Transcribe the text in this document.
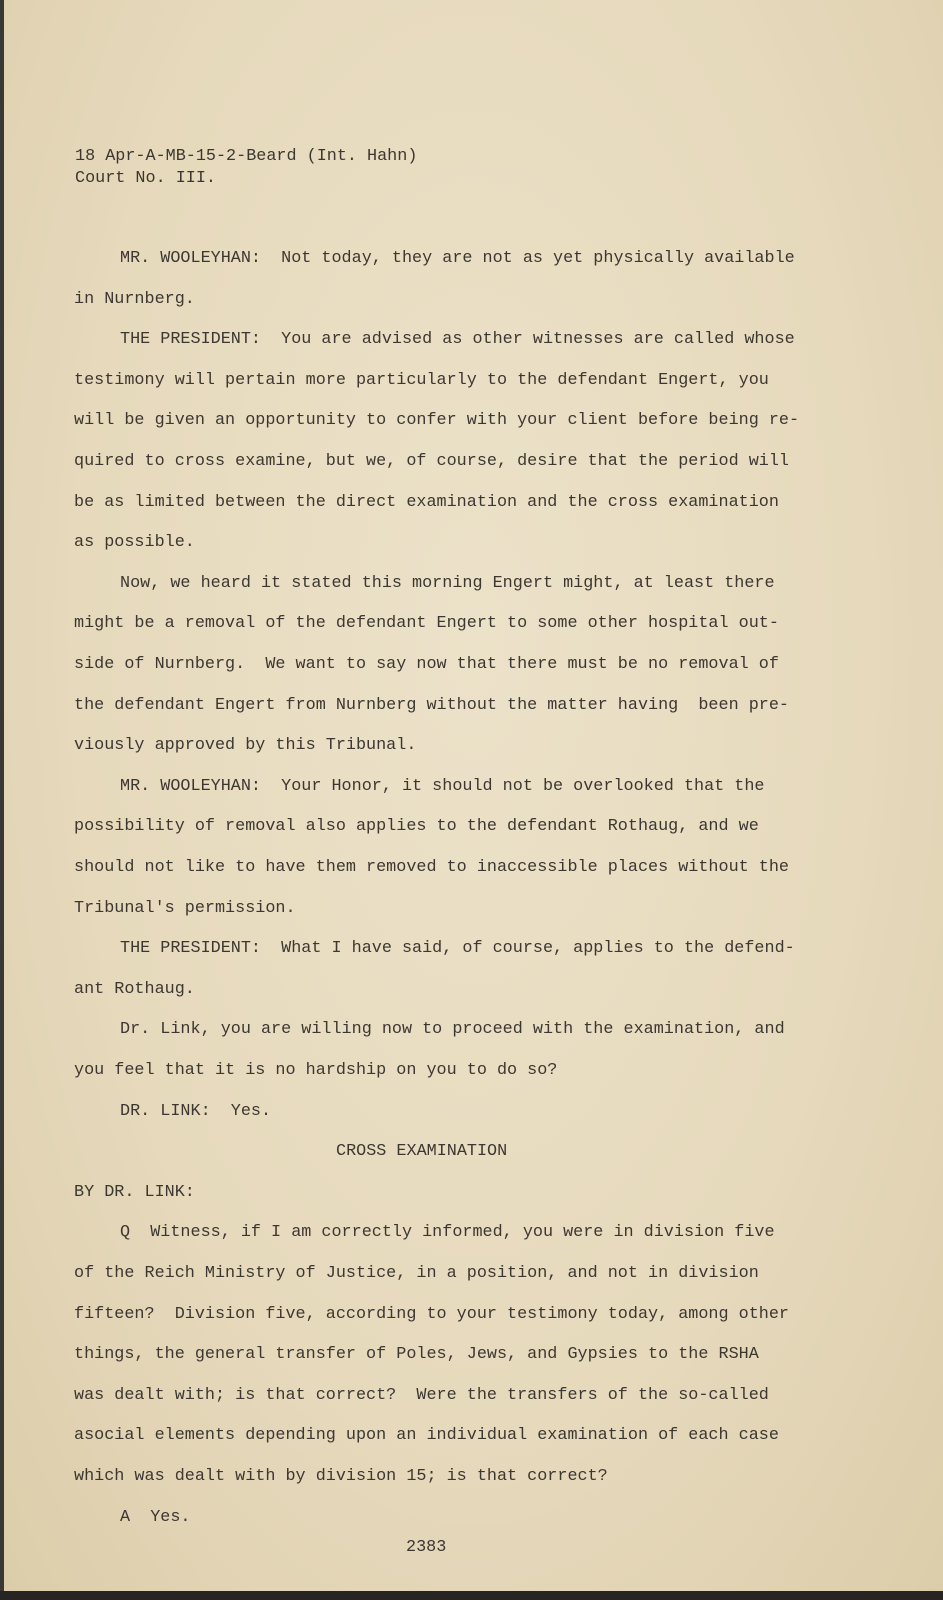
18 Apr-A-MB-15-2-Beard (Int. Hahn)
Court No. III.
MR. WOOLEYHAN:  Not today, they are not as yet physically available
in Nurnberg.
THE PRESIDENT:  You are advised as other witnesses are called whose
testimony will pertain more particularly to the defendant Engert, you
will be given an opportunity to confer with your client before being re-
quired to cross examine, but we, of course, desire that the period will
be as limited between the direct examination and the cross examination
as possible.
Now, we heard it stated this morning Engert might, at least there
might be a removal of the defendant Engert to some other hospital out-
side of Nurnberg.  We want to say now that there must be no removal of
the defendant Engert from Nurnberg without the matter having  been pre-
viously approved by this Tribunal.
MR. WOOLEYHAN:  Your Honor, it should not be overlooked that the
possibility of removal also applies to the defendant Rothaug, and we
should not like to have them removed to inaccessible places without the
Tribunal's permission.
THE PRESIDENT:  What I have said, of course, applies to the defend-
ant Rothaug.
Dr. Link, you are willing now to proceed with the examination, and
you feel that it is no hardship on you to do so?
DR. LINK:  Yes.
CROSS EXAMINATION
BY DR. LINK:
Q  Witness, if I am correctly informed, you were in division five
of the Reich Ministry of Justice, in a position, and not in division
fifteen?  Division five, according to your testimony today, among other
things, the general transfer of Poles, Jews, and Gypsies to the RSHA
was dealt with; is that correct?  Were the transfers of the so-called
asocial elements depending upon an individual examination of each case
which was dealt with by division 15; is that correct?
A  Yes.
2383
